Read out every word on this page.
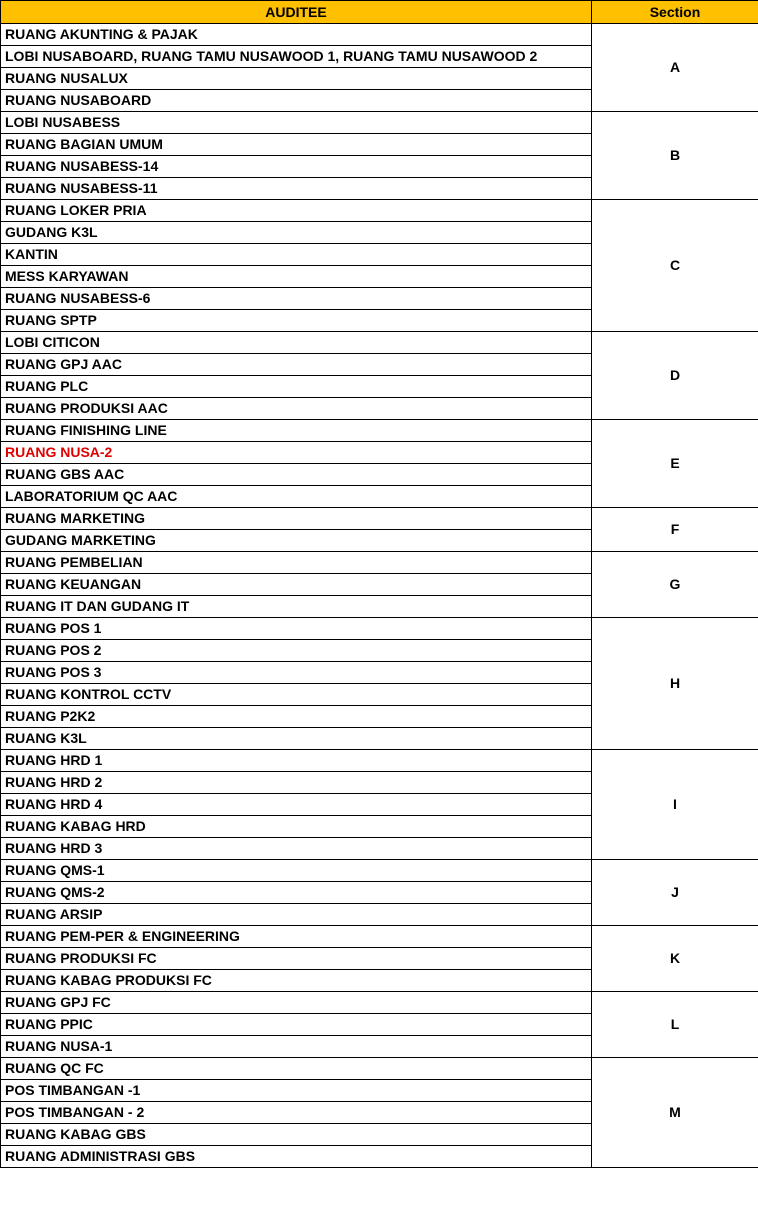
AUDITEE	Section
RUANG AKUNTING & PAJAK	A
LOBI NUSABOARD, RUANG TAMU NUSAWOOD 1, RUANG TAMU NUSAWOOD 2	
RUANG NUSALUX	
RUANG NUSABOARD	
LOBI NUSABESS	B
RUANG BAGIAN UMUM	
RUANG NUSABESS-14	
RUANG NUSABESS-11	
RUANG LOKER PRIA	C
GUDANG K3L	
KANTIN	
MESS KARYAWAN	
RUANG NUSABESS-6	
RUANG SPTP	
LOBI CITICON	D
RUANG GPJ AAC	
RUANG PLC	
RUANG PRODUKSI AAC	
RUANG FINISHING LINE	E
RUANG NUSA-2	
RUANG GBS AAC	
LABORATORIUM QC AAC	
RUANG MARKETING	F
GUDANG MARKETING	
RUANG PEMBELIAN	G
RUANG KEUANGAN	
RUANG IT DAN GUDANG IT	
RUANG POS 1	H
RUANG POS 2	
RUANG POS 3	
RUANG KONTROL CCTV	
RUANG P2K2	
RUANG K3L	
RUANG HRD 1	I
RUANG HRD 2	
RUANG HRD 4	
RUANG KABAG HRD	
RUANG HRD 3	
RUANG QMS-1	J
RUANG QMS-2	
RUANG ARSIP	
RUANG PEM-PER & ENGINEERING	K
RUANG PRODUKSI FC	
RUANG KABAG PRODUKSI FC	
RUANG GPJ FC	L
RUANG PPIC	
RUANG NUSA-1	
RUANG QC FC	M
POS TIMBANGAN -1	
POS TIMBANGAN - 2	
RUANG KABAG GBS	
RUANG ADMINISTRASI GBS	
